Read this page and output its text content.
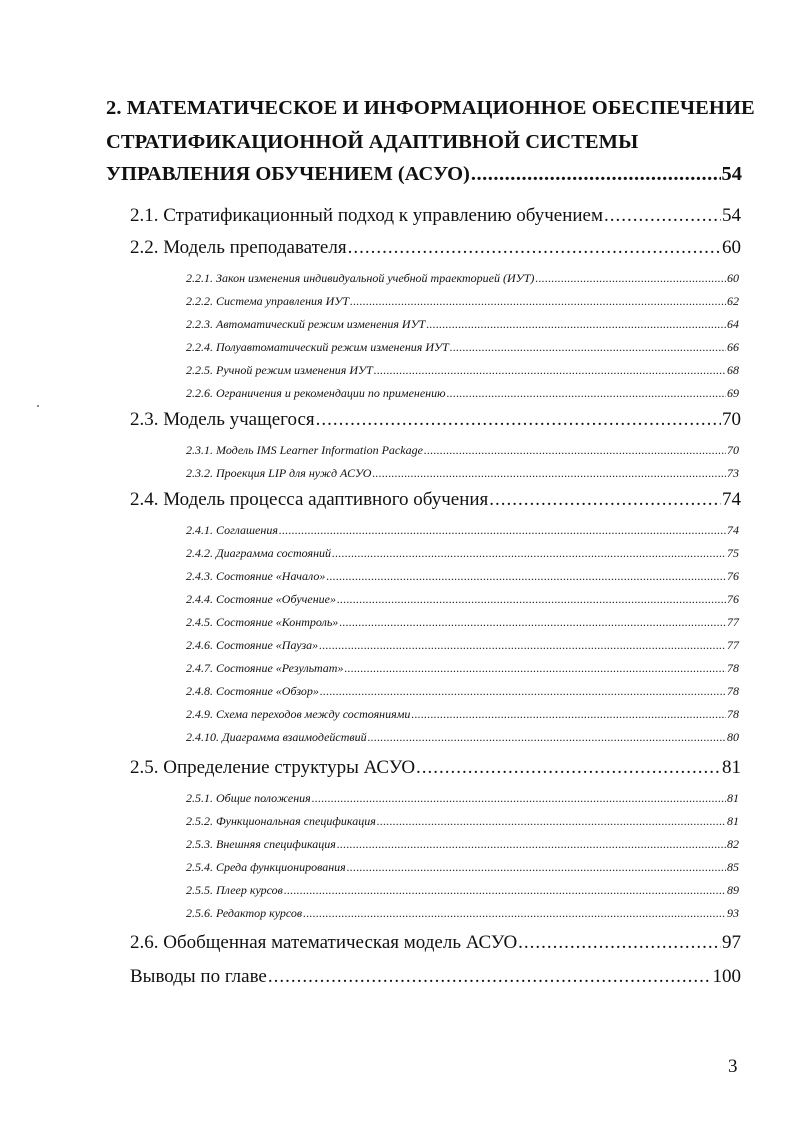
2. МАТЕМАТИЧЕСКОЕ И ИНФОРМАЦИОННОЕ ОБЕСПЕЧЕНИЕ
СТРАТИФИКАЦИОННОЙ АДАПТИВНОЙ СИСТЕМЫ
УПРАВЛЕНИЯ ОБУЧЕНИЕМ (АСУО) .....	54
2.1. Стратификационный подход к управлению обучением .....	54
2.2. Модель преподавателя .....	60
2.2.1. Закон изменения индивидуальной учебной траекторией (ИУТ) .....	60
2.2.2. Система управления ИУТ .....	62
2.2.3. Автоматический режим изменения ИУТ .....	64
2.2.4. Полуавтоматический режим изменения ИУТ .....	66
2.2.5. Ручной режим изменения ИУТ .....	68
2.2.6. Ограничения и рекомендации по применению .....	69
2.3. Модель учащегося .....	70
2.3.1. Модель IMS Learner Information Package .....	70
2.3.2. Проекция LIP для нужд АСУО .....	73
2.4. Модель процесса адаптивного обучения .....	74
2.4.1. Соглашения .....	74
2.4.2. Диаграмма состояний .....	75
2.4.3. Состояние «Начало» .....	76
2.4.4. Состояние «Обучение» .....	76
2.4.5. Состояние «Контроль» .....	77
2.4.6. Состояние «Пауза» .....	77
2.4.7. Состояние «Результат» .....	78
2.4.8. Состояние «Обзор» .....	78
2.4.9. Схема переходов между состояниями .....	78
2.4.10. Диаграмма взаимодействий .....	80
2.5. Определение структуры АСУО .....	81
2.5.1. Общие положения .....	81
2.5.2. Функциональная спецификация .....	81
2.5.3. Внешняя спецификация .....	82
2.5.4. Среда функционирования .....	85
2.5.5. Плеер курсов .....	89
2.5.6. Редактор курсов .....	93
2.6. Обобщенная математическая модель АСУО .....	97
Выводы по главе .....	100
3
